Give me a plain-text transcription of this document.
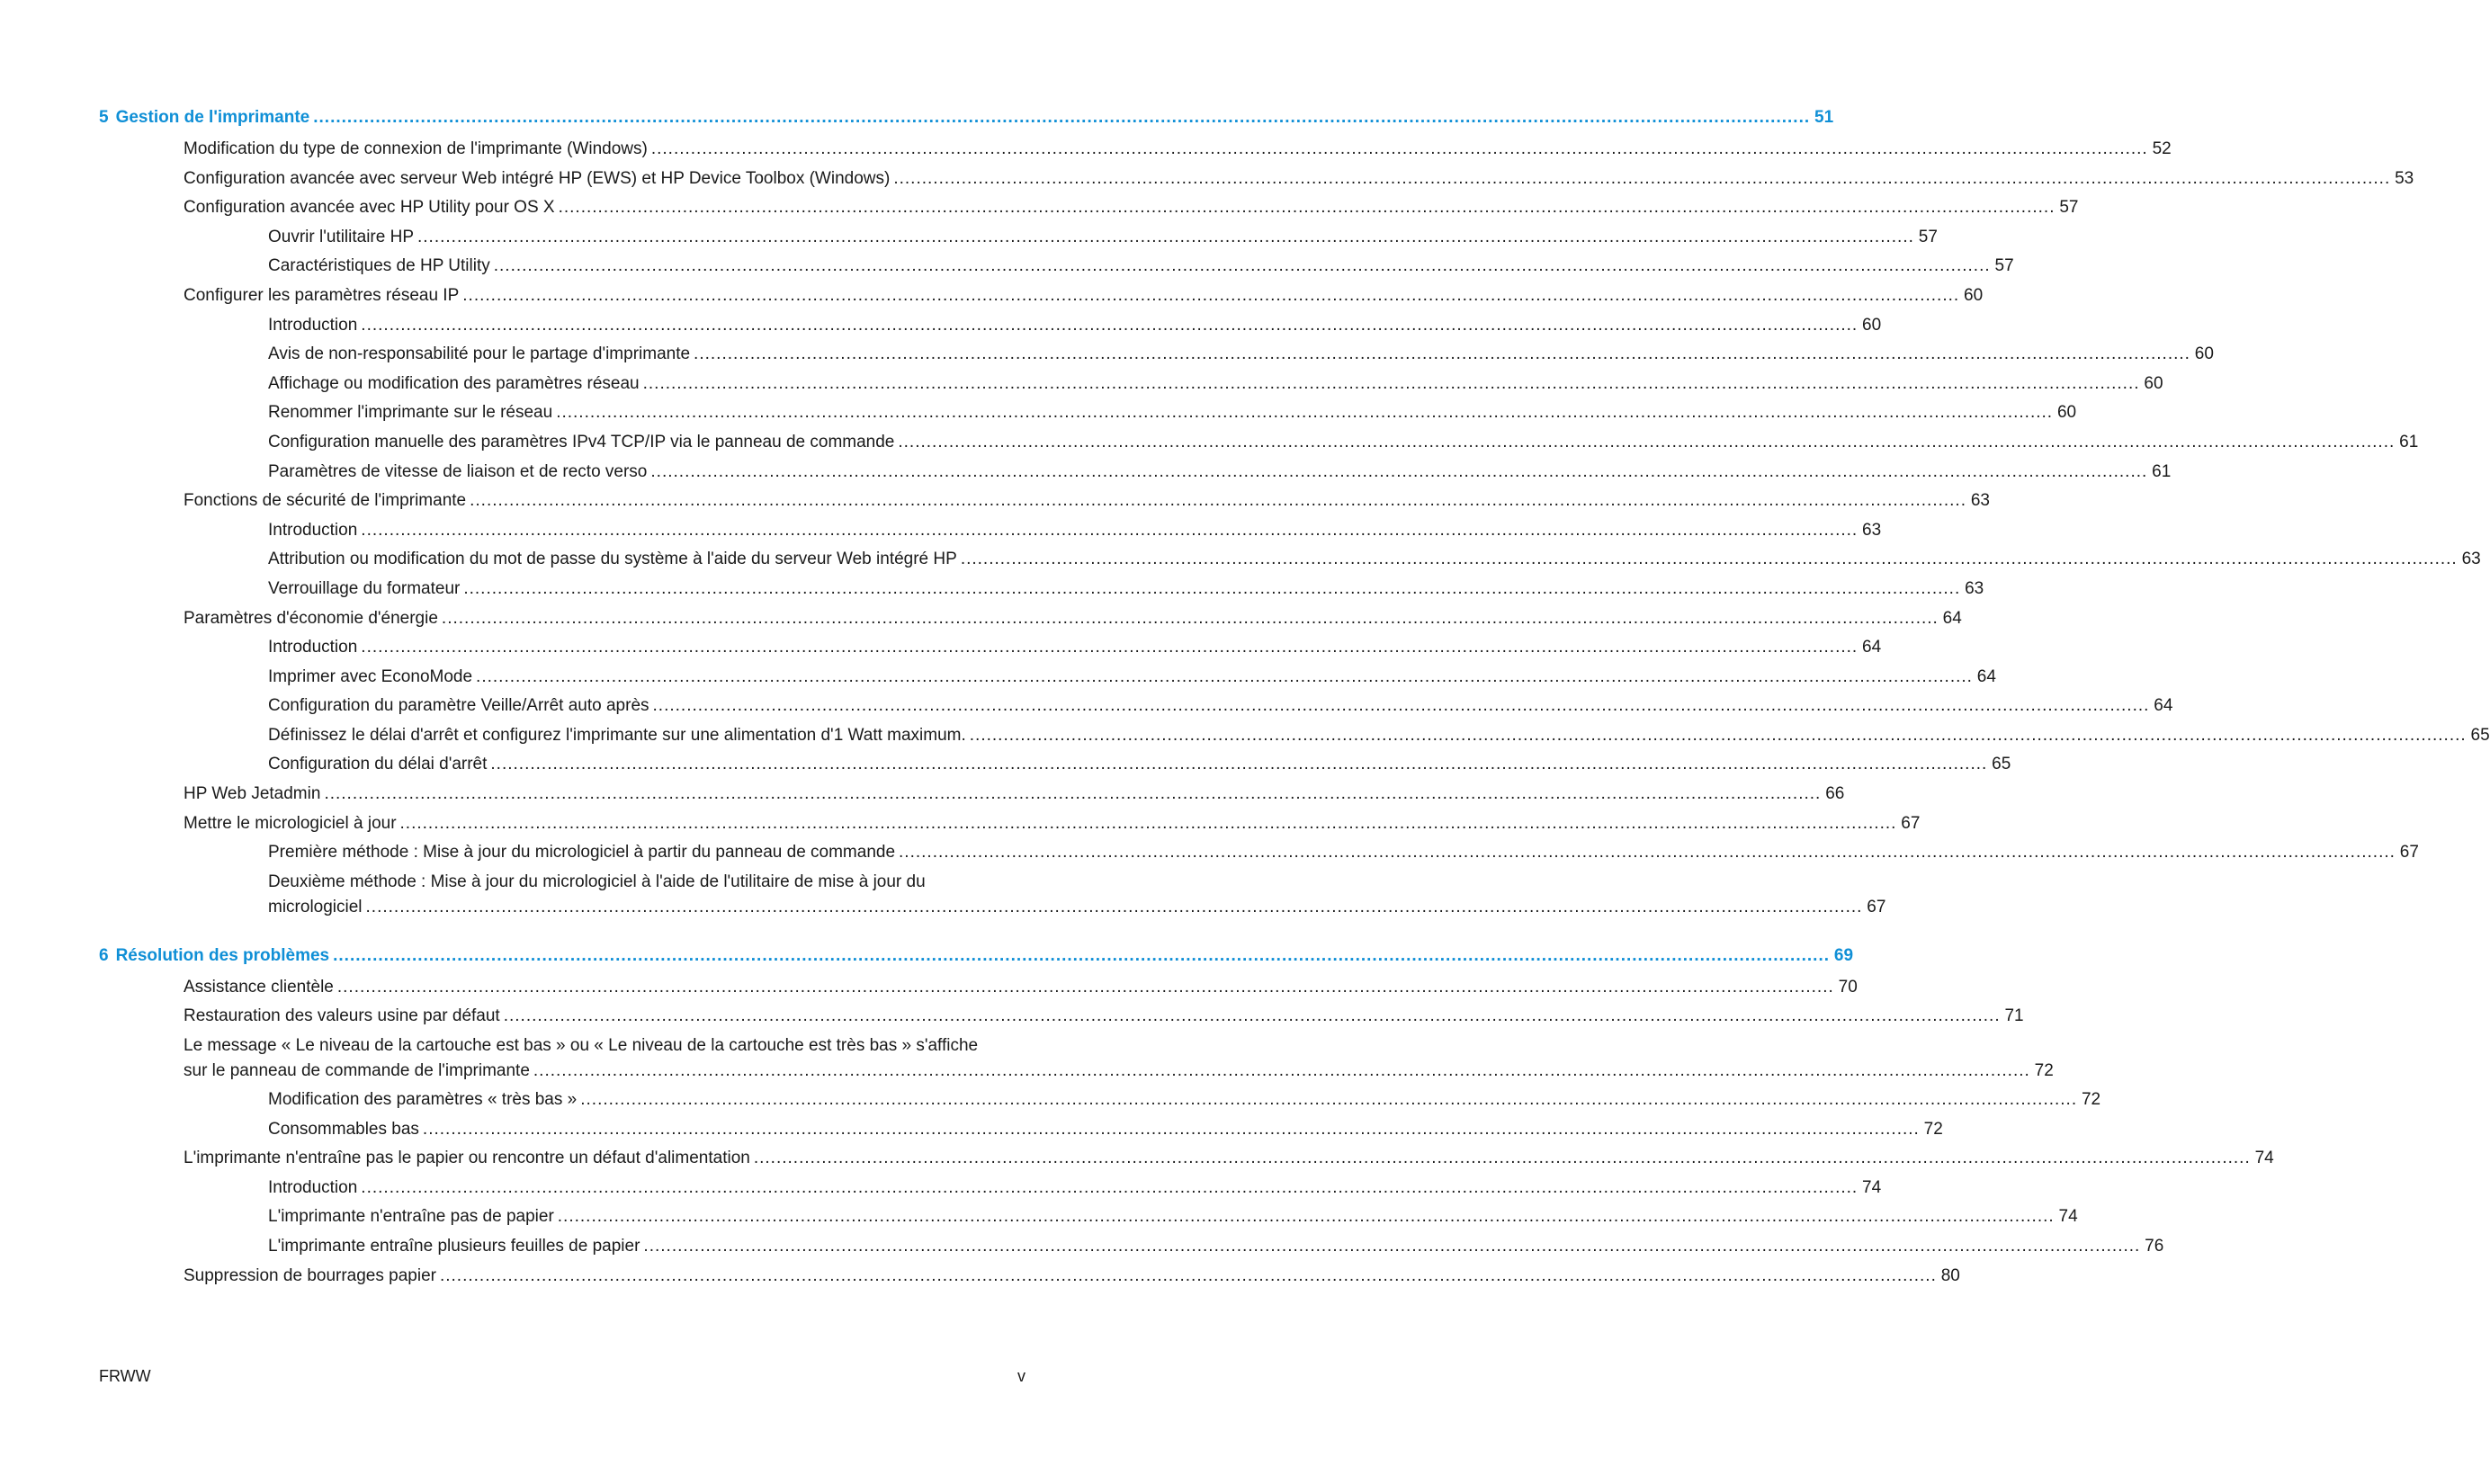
5 Gestion de l'imprimante .....	51
Modification du type de connexion de l'imprimante (Windows) .....	52
Configuration avancée avec serveur Web intégré HP (EWS) et HP Device Toolbox (Windows) .....	53
Configuration avancée avec HP Utility pour OS X .....	57
Ouvrir l'utilitaire HP .....	57
Caractéristiques de HP Utility .....	57
Configurer les paramètres réseau IP .....	60
Introduction .....	60
Avis de non-responsabilité pour le partage d'imprimante .....	60
Affichage ou modification des paramètres réseau .....	60
Renommer l'imprimante sur le réseau .....	60
Configuration manuelle des paramètres IPv4 TCP/IP via le panneau de commande .....	61
Paramètres de vitesse de liaison et de recto verso .....	61
Fonctions de sécurité de l'imprimante .....	63
Introduction .....	63
Attribution ou modification du mot de passe du système à l'aide du serveur Web intégré HP .....	63
Verrouillage du formateur .....	63
Paramètres d'économie d'énergie .....	64
Introduction .....	64
Imprimer avec EconoMode .....	64
Configuration du paramètre Veille/Arrêt auto après .....	64
Définissez le délai d'arrêt et configurez l'imprimante sur une alimentation d'1 Watt maximum. .....	65
Configuration du délai d'arrêt .....	65
HP Web Jetadmin .....	66
Mettre le micrologiciel à jour .....	67
Première méthode : Mise à jour du micrologiciel à partir du panneau de commande .....	67
Deuxième méthode : Mise à jour du micrologiciel à l'aide de l'utilitaire de mise à jour du
micrologiciel .....	67
6 Résolution des problèmes .....	69
Assistance clientèle .....	70
Restauration des valeurs usine par défaut .....	71
Le message « Le niveau de la cartouche est bas » ou « Le niveau de la cartouche est très bas » s'affiche
sur le panneau de commande de l'imprimante .....	72
Modification des paramètres « très bas » .....	72
Consommables bas .....	72
L'imprimante n'entraîne pas le papier ou rencontre un défaut d'alimentation .....	74
Introduction .....	74
L'imprimante n'entraîne pas de papier .....	74
L'imprimante entraîne plusieurs feuilles de papier .....	76
Suppression de bourrages papier .....	80
FRWW	v
